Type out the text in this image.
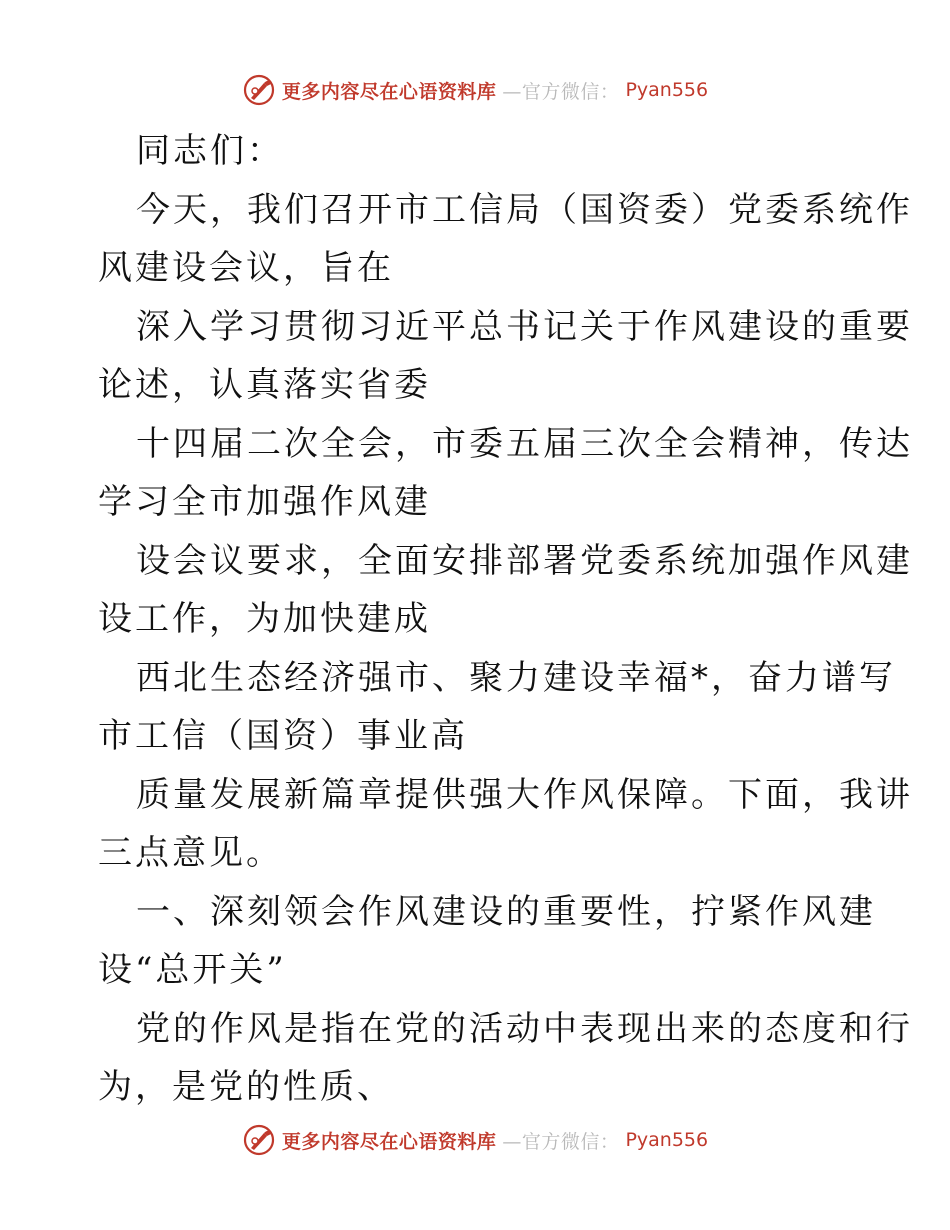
更多内容尽在心语资料库 —官方微信： Pyan556
同志们：
今天，我们召开市工信局（国资委）党委系统作
风建设会议，旨在
深入学习贯彻习近平总书记关于作风建设的重要
论述，认真落实省委
十四届二次全会，市委五届三次全会精神，传达
学习全市加强作风建
设会议要求，全面安排部署党委系统加强作风建
设工作，为加快建成
西北生态经济强市、聚力建设幸福*，奋力谱写
市工信（国资）事业高
质量发展新篇章提供强大作风保障。下面，我讲
三点意见。
一、深刻领会作风建设的重要性，拧紧作风建
设“总开关”
党的作风是指在党的活动中表现出来的态度和行
为，是党的性质、
更多内容尽在心语资料库 —官方微信： Pyan556
